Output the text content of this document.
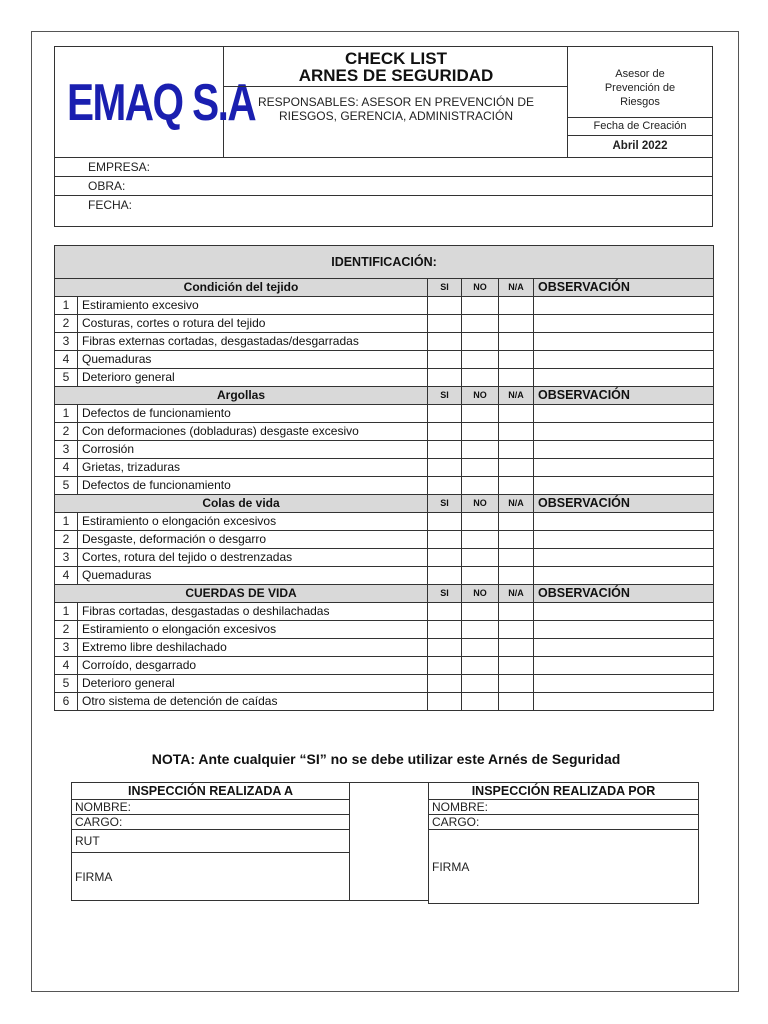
EMAQ S.A
CHECK LIST
ARNES DE SEGURIDAD
RESPONSABLES: ASESOR EN PREVENCIÓN DE
RIESGOS, GERENCIA, ADMINISTRACIÓN
Asesor de
Prevención de
Riesgos
Fecha de Creación
Abril 2022
EMPRESA:
OBRA:
FECHA:
IDENTIFICACIÓN:					
Condición del tejido		SI	NO	N/A	OBSERVACIÓN
1	Estiramiento excesivo				
2	Costuras, cortes o rotura del tejido				
3	Fibras externas cortadas, desgastadas/desgarradas				
4	Quemaduras				
5	Deterioro general				
Argollas		SI	NO	N/A	OBSERVACIÓN
1	Defectos de funcionamiento				
2	Con deformaciones (dobladuras) desgaste excesivo				
3	Corrosión				
4	Grietas, trizaduras				
5	Defectos de funcionamiento				
Colas de vida		SI	NO	N/A	OBSERVACIÓN
1	Estiramiento o elongación excesivos				
2	Desgaste, deformación o desgarro				
3	Cortes, rotura del tejido o destrenzadas				
4	Quemaduras				
CUERDAS DE VIDA		SI	NO	N/A	OBSERVACIÓN
1	Fibras cortadas, desgastadas o deshilachadas				
2	Estiramiento o elongación excesivos				
3	Extremo libre deshilachado				
4	Corroído, desgarrado				
5	Deterioro general				
6	Otro sistema de detención de caídas				
NOTA: Ante cualquier “SI” no se debe utilizar este Arnés de Seguridad
INSPECCIÓN REALIZADA A	
NOMBRE:
CARGO:
RUT
FIRMA
INSPECCIÓN REALIZADA POR
NOMBRE:
CARGO:
FIRMA
